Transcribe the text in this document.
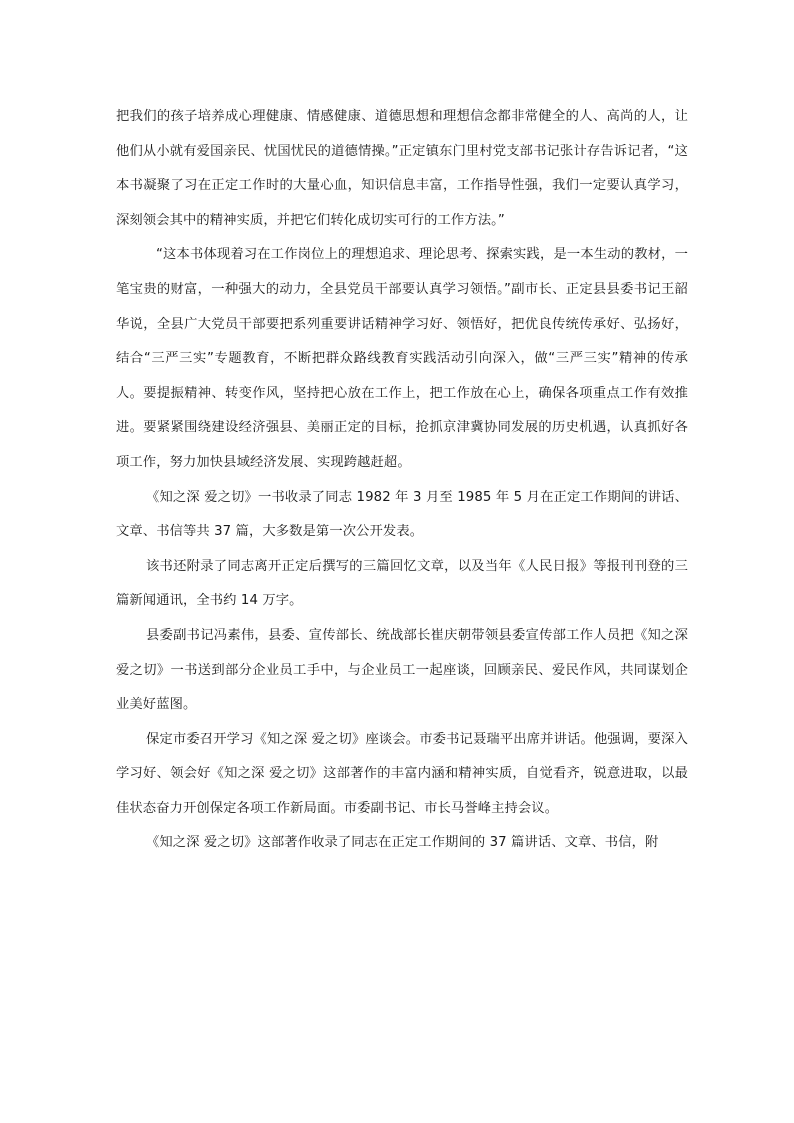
把我们的孩子培养成心理健康、情感健康、道德思想和理想信念都非常健全的人、高尚的人，让他们从小就有爱国亲民、忧国忧民的道德情操。”正定镇东门里村党支部书记张计存告诉记者，“这本书凝聚了习在正定工作时的大量心血，知识信息丰富，工作指导性强，我们一定要认真学习，深刻领会其中的精神实质，并把它们转化成切实可行的工作方法。”

“这本书体现着习在工作岗位上的理想追求、理论思考、探索实践，是一本生动的教材，一笔宝贵的财富，一种强大的动力，全县党员干部要认真学习领悟。”副市长、正定县县委书记王韶华说，全县广大党员干部要把系列重要讲话精神学习好、领悟好，把优良传统传承好、弘扬好，结合“三严三实”专题教育，不断把群众路线教育实践活动引向深入，做“三严三实”精神的传承人。要提振精神、转变作风，坚持把心放在工作上，把工作放在心上，确保各项重点工作有效推进。要紧紧围绕建设经济强县、美丽正定的目标，抢抓京津冀协同发展的历史机遇，认真抓好各项工作，努力加快县域经济发展、实现跨越赶超。

《知之深 爱之切》一书收录了同志 1982 年 3 月至 1985 年 5 月在正定工作期间的讲话、文章、书信等共 37 篇，大多数是第一次公开发表。

该书还附录了同志离开正定后撰写的三篇回忆文章，以及当年《人民日报》等报刊刊登的三篇新闻通讯，全书约 14 万字。

县委副书记冯素伟，县委、宣传部长、统战部长崔庆朝带领县委宣传部工作人员把《知之深爱之切》一书送到部分企业员工手中，与企业员工一起座谈，回顾亲民、爱民作风，共同谋划企业美好蓝图。

保定市委召开学习《知之深 爱之切》座谈会。市委书记聂瑞平出席并讲话。他强调，要深入学习好、领会好《知之深 爱之切》这部著作的丰富内涵和精神实质，自觉看齐，锐意进取，以最佳状态奋力开创保定各项工作新局面。市委副书记、市长马誉峰主持会议。

《知之深 爱之切》这部著作收录了同志在正定工作期间的 37 篇讲话、文章、书信，附
